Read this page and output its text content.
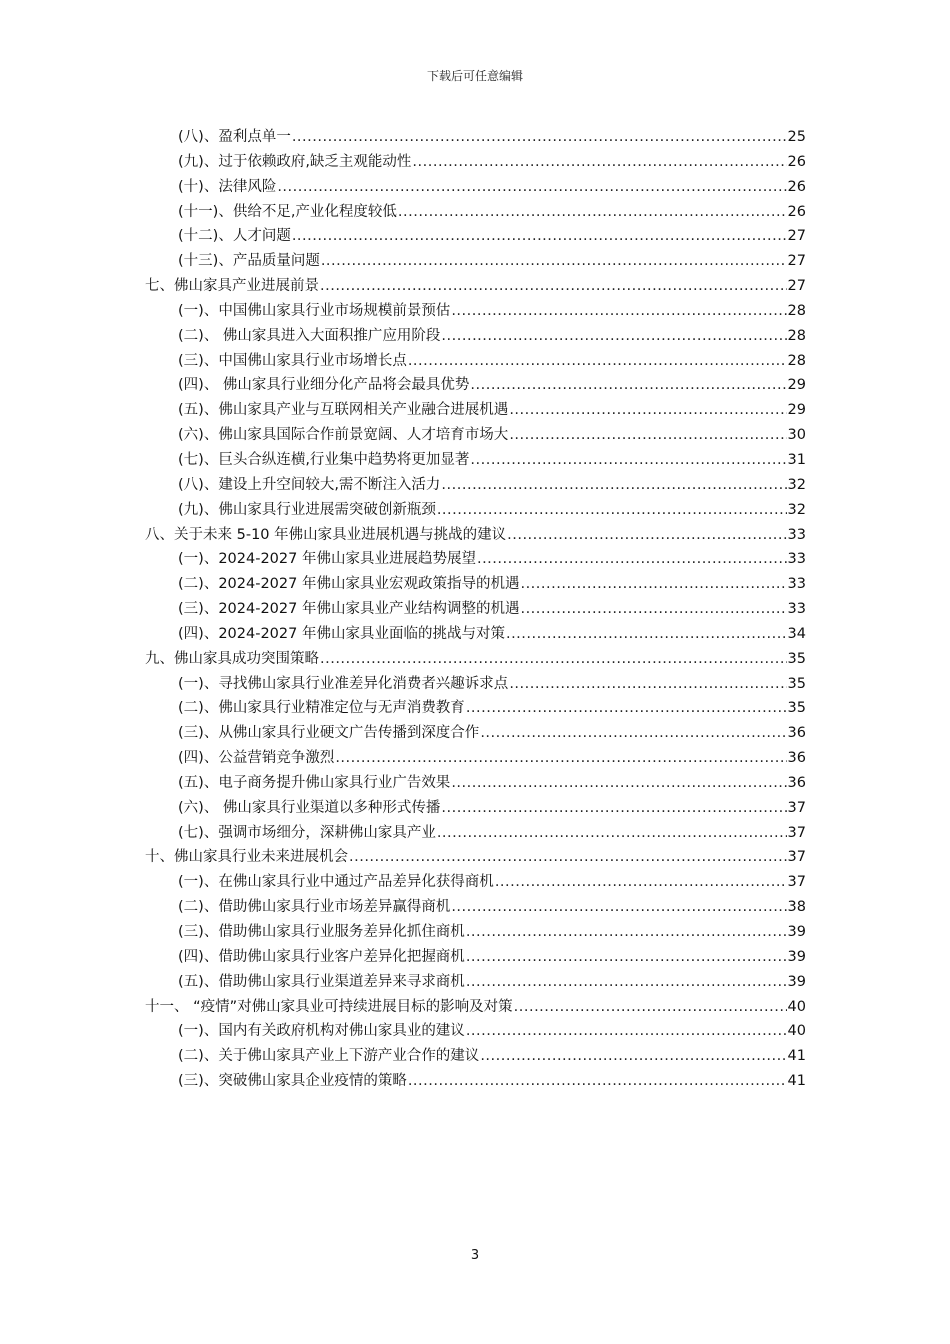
下载后可任意编辑
(八)、盈利点单一 .....	25
(九)、过于依赖政府,缺乏主观能动性 .....	26
(十)、法律风险 .....	26
(十一)、供给不足,产业化程度较低 .....	26
(十二)、人才问题 .....	27
(十三)、产品质量问题 .....	27
七、佛山家具产业进展前景 .....	27
(一)、中国佛山家具行业市场规模前景预估 .....	28
(二)、 佛山家具进入大面积推广应用阶段 .....	28
(三)、中国佛山家具行业市场增长点 .....	28
(四)、 佛山家具行业细分化产品将会最具优势 .....	29
(五)、佛山家具产业与互联网相关产业融合进展机遇 .....	29
(六)、佛山家具国际合作前景宽阔、人才培育市场大 .....	30
(七)、巨头合纵连横,行业集中趋势将更加显著 .....	31
(八)、建设上升空间较大,需不断注入活力 .....	32
(九)、佛山家具行业进展需突破创新瓶颈 .....	32
八、关于未来 5-10 年佛山家具业进展机遇与挑战的建议 .....	33
(一)、2024-2027 年佛山家具业进展趋势展望 .....	33
(二)、2024-2027 年佛山家具业宏观政策指导的机遇 .....	33
(三)、2024-2027 年佛山家具业产业结构调整的机遇 .....	33
(四)、2024-2027 年佛山家具业面临的挑战与对策 .....	34
九、佛山家具成功突围策略 .....	35
(一)、寻找佛山家具行业准差异化消费者兴趣诉求点 .....	35
(二)、佛山家具行业精准定位与无声消费教育 .....	35
(三)、从佛山家具行业硬文广告传播到深度合作 .....	36
(四)、公益营销竞争激烈 .....	36
(五)、电子商务提升佛山家具行业广告效果 .....	36
(六)、 佛山家具行业渠道以多种形式传播 .....	37
(七)、强调市场细分，深耕佛山家具产业 .....	37
十、佛山家具行业未来进展机会 .....	37
(一)、在佛山家具行业中通过产品差异化获得商机 .....	37
(二)、借助佛山家具行业市场差异赢得商机 .....	38
(三)、借助佛山家具行业服务差异化抓住商机 .....	39
(四)、借助佛山家具行业客户差异化把握商机 .....	39
(五)、借助佛山家具行业渠道差异来寻求商机 .....	39
十一、 “疫情”对佛山家具业可持续进展目标的影响及对策 .....	40
(一)、国内有关政府机构对佛山家具业的建议 .....	40
(二)、关于佛山家具产业上下游产业合作的建议 .....	41
(三)、突破佛山家具企业疫情的策略 .....	41
3
